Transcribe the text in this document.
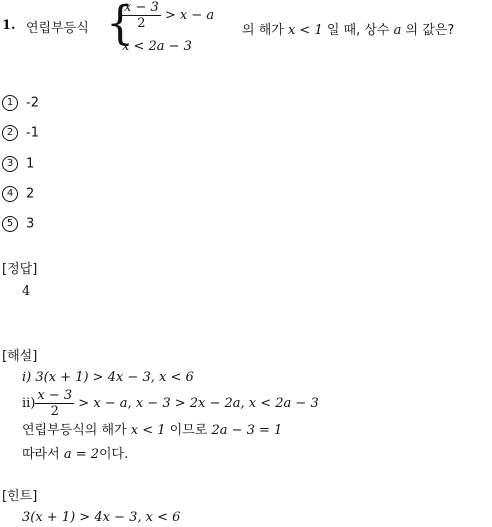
1. 연립부등식 {
$\frac{x - 3}{2} > x - a$
x < 2a − 3
의 해가 x < 1 일 때, 상수 a 의 값은?
1 -2
2 -1
3 1
4 2
5 3
[정답]
4
[해설]
i) 3(x + 1) > 4x − 3, x < 6
$ii) \frac{x - 3}{2} > x - a$, x − 3 > 2x − 2a, x < 2a − 3
연립부등식의 해가 x < 1 이므로 2a − 3 = 1
따라서 a = 2이다.
[힌트]
3(x + 1) > 4x − 3, x < 6
